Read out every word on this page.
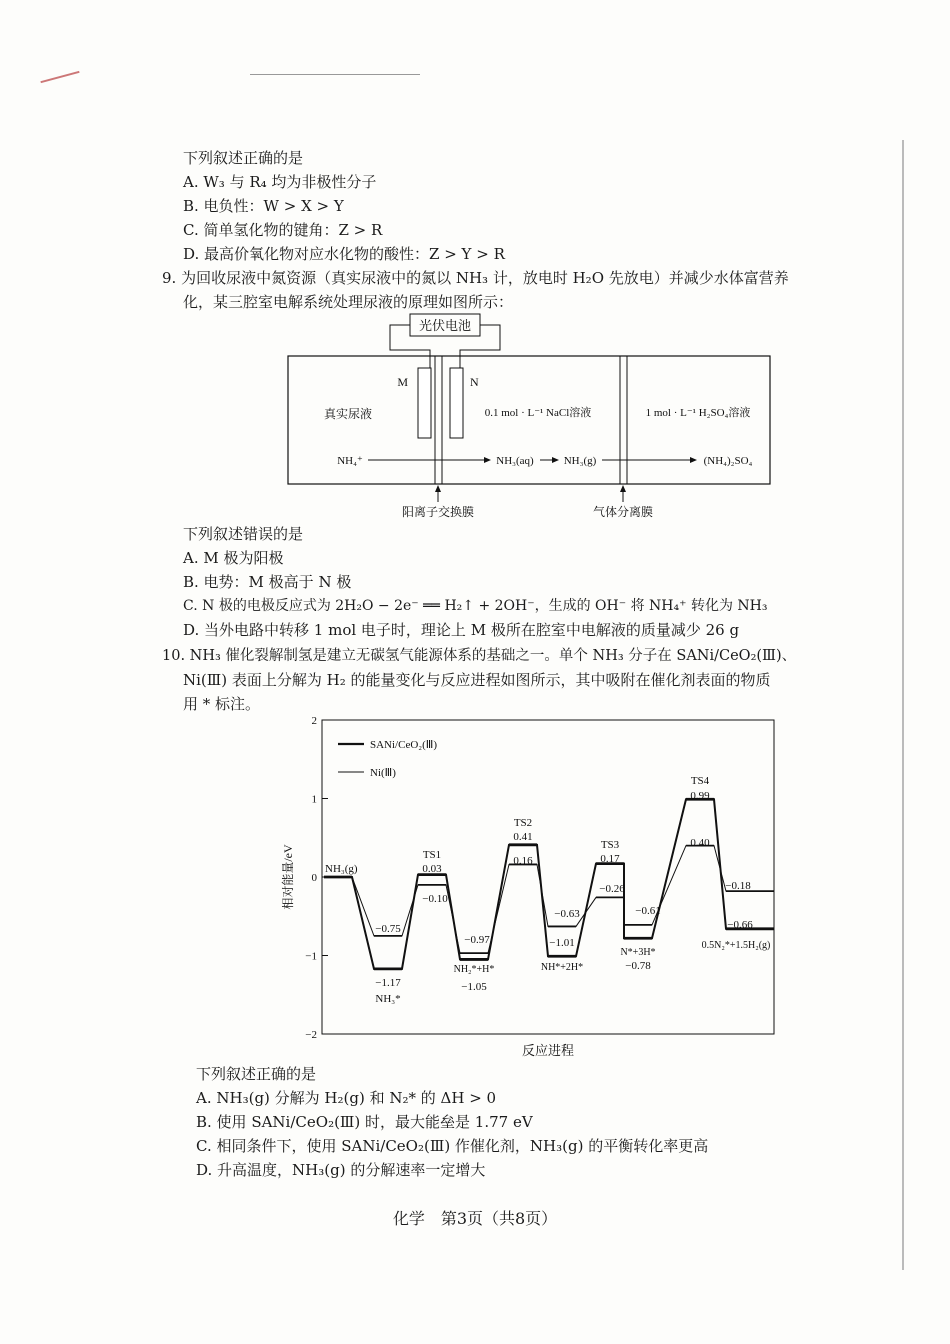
下列叙述正确的是
A. W₃ 与 R₄ 均为非极性分子
B. 电负性：W > X > Y
C. 简单氢化物的键角：Z > R
D. 最高价氧化物对应水化物的酸性：Z > Y > R
9. 为回收尿液中氮资源（真实尿液中的氮以 NH₃ 计，放电时 H₂O 先放电）并减少水体富营养
化，某三腔室电解系统处理尿液的原理如图所示：
光伏电池
M	N
真实尿液	0.1 mol · L⁻¹ NaCl溶液	1 mol · L⁻¹ H₂SO₄溶液
NH₄⁺	NH₃(aq)	NH₃(g)	(NH₄)₂SO₄
阳离子交换膜	气体分离膜
下列叙述错误的是
A. M 极为阳极
B. 电势：M 极高于 N 极
C. N 极的电极反应式为 2H₂O − 2e⁻ ══ H₂↑ + 2OH⁻，生成的 OH⁻ 将 NH₄⁺ 转化为 NH₃
D. 当外电路中转移 1 mol 电子时，理论上 M 极所在腔室中电解液的质量减少 26 g
10. NH₃ 催化裂解制氢是建立无碳氢气能源体系的基础之一。单个 NH₃ 分子在 SANi/CeO₂(Ⅲ)、
Ni(Ⅲ) 表面上分解为 H₂ 的能量变化与反应进程如图所示，其中吸附在催化剂表面的物质
用 * 标注。
2
1
0
−1
−2
相对能量/eV
反应进程
SANi/CeO₂(Ⅲ)
Ni(Ⅲ)
NH₃(g)
TS1
TS2
TS3
TS4
NH₃*
NH₂*+H*	NH*+2H*
N*+3H*
0.5N₂*+1.5H₂(g)
−1.17
0.03
−1.05
0.41
−1.01
0.17
−0.78
0.99
−0.66
−0.75
−0.10
−0.97
0.16
−0.63
−0.26
−0.61
0.40
−0.18
下列叙述正确的是
A. NH₃(g) 分解为 H₂(g) 和 N₂* 的 ΔH > 0
B. 使用 SANi/CeO₂(Ⅲ) 时，最大能垒是 1.77 eV
C. 相同条件下，使用 SANi/CeO₂(Ⅲ) 作催化剂，NH₃(g) 的平衡转化率更高
D. 升高温度，NH₃(g) 的分解速率一定增大
化学　第3页（共8页）
